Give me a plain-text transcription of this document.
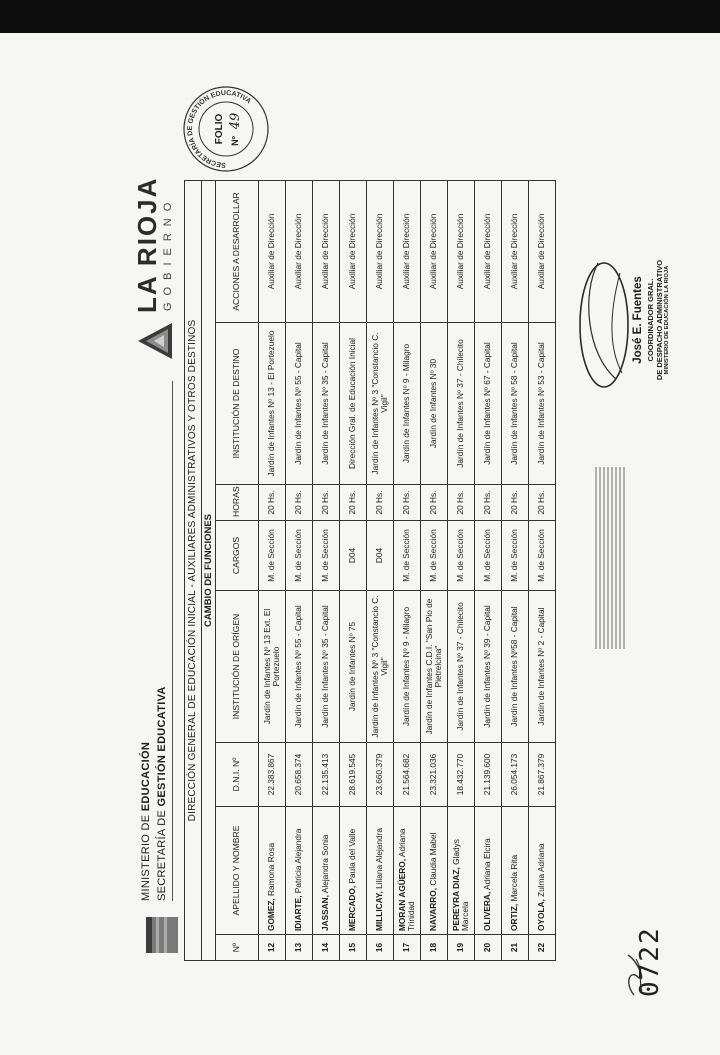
MINISTERIO DE EDUCACIÓN
SECRETARÍA DE GESTIÓN EDUCATIVA
LA RIOJA GOBIERNO
SECRETARÍA DE GESTIÓN EDUCATIVA
FOLIO Nº
49
DIRECCIÓN GENERAL DE EDUCACIÓN INICIAL - AUXILIARES ADMINISTRATIVOS Y OTROS DESTINOS							
CAMBIO DE FUNCIONES							
Nº	APELLIDO Y NOMBRE	D.N.I. Nº	INSTITUCIÓN DE ORÍGEN	CARGOS	HORAS	INSTITUCIÓN DE DESTINO	ACCIONES A DESARROLLAR
12	GOMEZ, Ramona Rosa	22.383.867	Jardín de Infantes Nº 13 Ext. El Portezuelo	M. de Sección	20 Hs.	Jardín de Infantes Nº 13 - El Portezuelo	Auxiliar de Dirección
13	IDIARTE, Patricia Alejandra	20.658.374	Jardín de Infantes Nº 55 - Capital	M. de Sección	20 Hs.	Jardín de Infantes Nº 55 - Capital	Auxiliar de Dirección
14	JASSAN, Alejandra Sonia	22.135.413	Jardín de Infantes Nº 35 - Capital	M. de Sección	20 Hs.	Jardín de Infantes Nº 35 - Capital	Auxiliar de Dirección
15	MERCADO, Paula del Valle	28.619.545	Jardín de Infantes Nº 75	D04	20 Hs.	Dirección Gral. de Educación Inicial	Auxiliar de Dirección
16	MILLICAY, Liliana Alejandra	23.660.379	Jardín de Infantes Nº 3 "Constancio C. Vigil"	D04	20 Hs.	Jardín de Infantes Nº 3 "Constancio C. Vigil"	Auxiliar de Dirección
17	MORAN AGÜERO, Adriana Trinidad	21.564.682	Jardín de Infantes Nº 9 - Milagro	M. de Sección	20 Hs.	Jardín de Infantes Nº 9 - Milagro	Auxiliar de Dirección
18	NAVARRO, Claudia Mabel	23.321.036	Jardín de Infantes C.D.I. "San Pio de Pietrelcina"	M. de Sección	20 Hs.	Jardín de Infantes Nº 30	Auxiliar de Dirección
19	PEREYRA DIAZ, Gladys Marcela	18.432.770	Jardín de Infantes Nº 37 - Chilecito	M. de Sección	20 Hs.	Jardín de Infantes Nº 37 - Chilecito	Auxiliar de Dirección
20	OLIVERA, Adriana Elcira	21.139.600	Jardín de Infantes Nº 39 - Capital	M. de Sección	20 Hs.	Jardín de Infantes Nº 67 - Capital	Auxiliar de Dirección
21	ORTIZ, Marcela Rita	26.054.173	Jardín de Infantes Nº58 - Capital	M. de Sección	20 Hs.	Jardín de Infantes Nº 58 - Capital	Auxiliar de Dirección
22	OYOLA, Zulma Adriana	21.867.379	Jardín de Infantes Nº 2 - Capital	M. de Sección	20 Hs.	Jardín de Infantes Nº 53 - Capital	Auxiliar de Dirección
0722
José E. Fuentes COORDINADOR GRAL. DE DESPACHO ADMINISTRATIVO MINISTERIO DE EDUCACIÓN LA RIOJA
